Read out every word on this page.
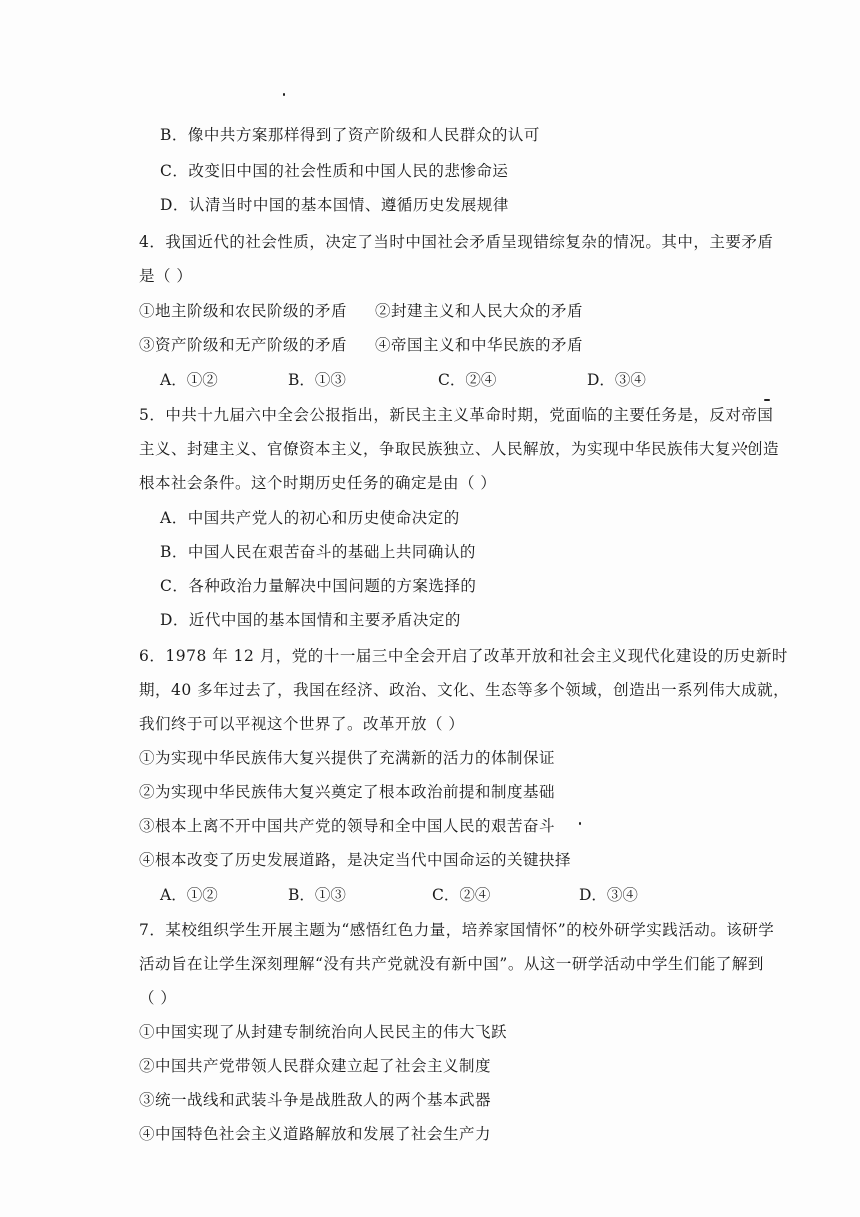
B．像中共方案那样得到了资产阶级和人民群众的认可
C．改变旧中国的社会性质和中国人民的悲惨命运
D．认清当时中国的基本国情、遵循历史发展规律
4．我国近代的社会性质，决定了当时中国社会矛盾呈现错综复杂的情况。其中，主要矛盾
是（ ）
①地主阶级和农民阶级的矛盾 ②封建主义和人民大众的矛盾
③资产阶级和无产阶级的矛盾 ④帝国主义和中华民族的矛盾
A．①②	B．①③	C．②④	D．③④
5．中共十九届六中全会公报指出，新民主主义革命时期，党面临的主要任务是，反对帝国
主义、封建主义、官僚资本主义，争取民族独立、人民解放，为实现中华民族伟大复兴创造
根本社会条件。这个时期历史任务的确定是由（ ）
A．中国共产党人的初心和历史使命决定的
B．中国人民在艰苦奋斗的基础上共同确认的
C．各种政治力量解决中国问题的方案选择的
D．近代中国的基本国情和主要矛盾决定的
6．1978 年 12 月，党的十一届三中全会开启了改革开放和社会主义现代化建设的历史新时
期，40 多年过去了，我国在经济、政治、文化、生态等多个领域，创造出一系列伟大成就，
我们终于可以平视这个世界了。改革开放（ ）
①为实现中华民族伟大复兴提供了充满新的活力的体制保证
②为实现中华民族伟大复兴奠定了根本政治前提和制度基础
③根本上离不开中国共产党的领导和全中国人民的艰苦奋斗
④根本改变了历史发展道路，是决定当代中国命运的关键抉择
A．①②	B．①③	C．②④	D．③④
7．某校组织学生开展主题为“感悟红色力量，培养家国情怀”的校外研学实践活动。该研学
活动旨在让学生深刻理解“没有共产党就没有新中国”。从这一研学活动中学生们能了解到
（ ）
①中国实现了从封建专制统治向人民民主的伟大飞跃
②中国共产党带领人民群众建立起了社会主义制度
③统一战线和武装斗争是战胜敌人的两个基本武器
④中国特色社会主义道路解放和发展了社会生产力
